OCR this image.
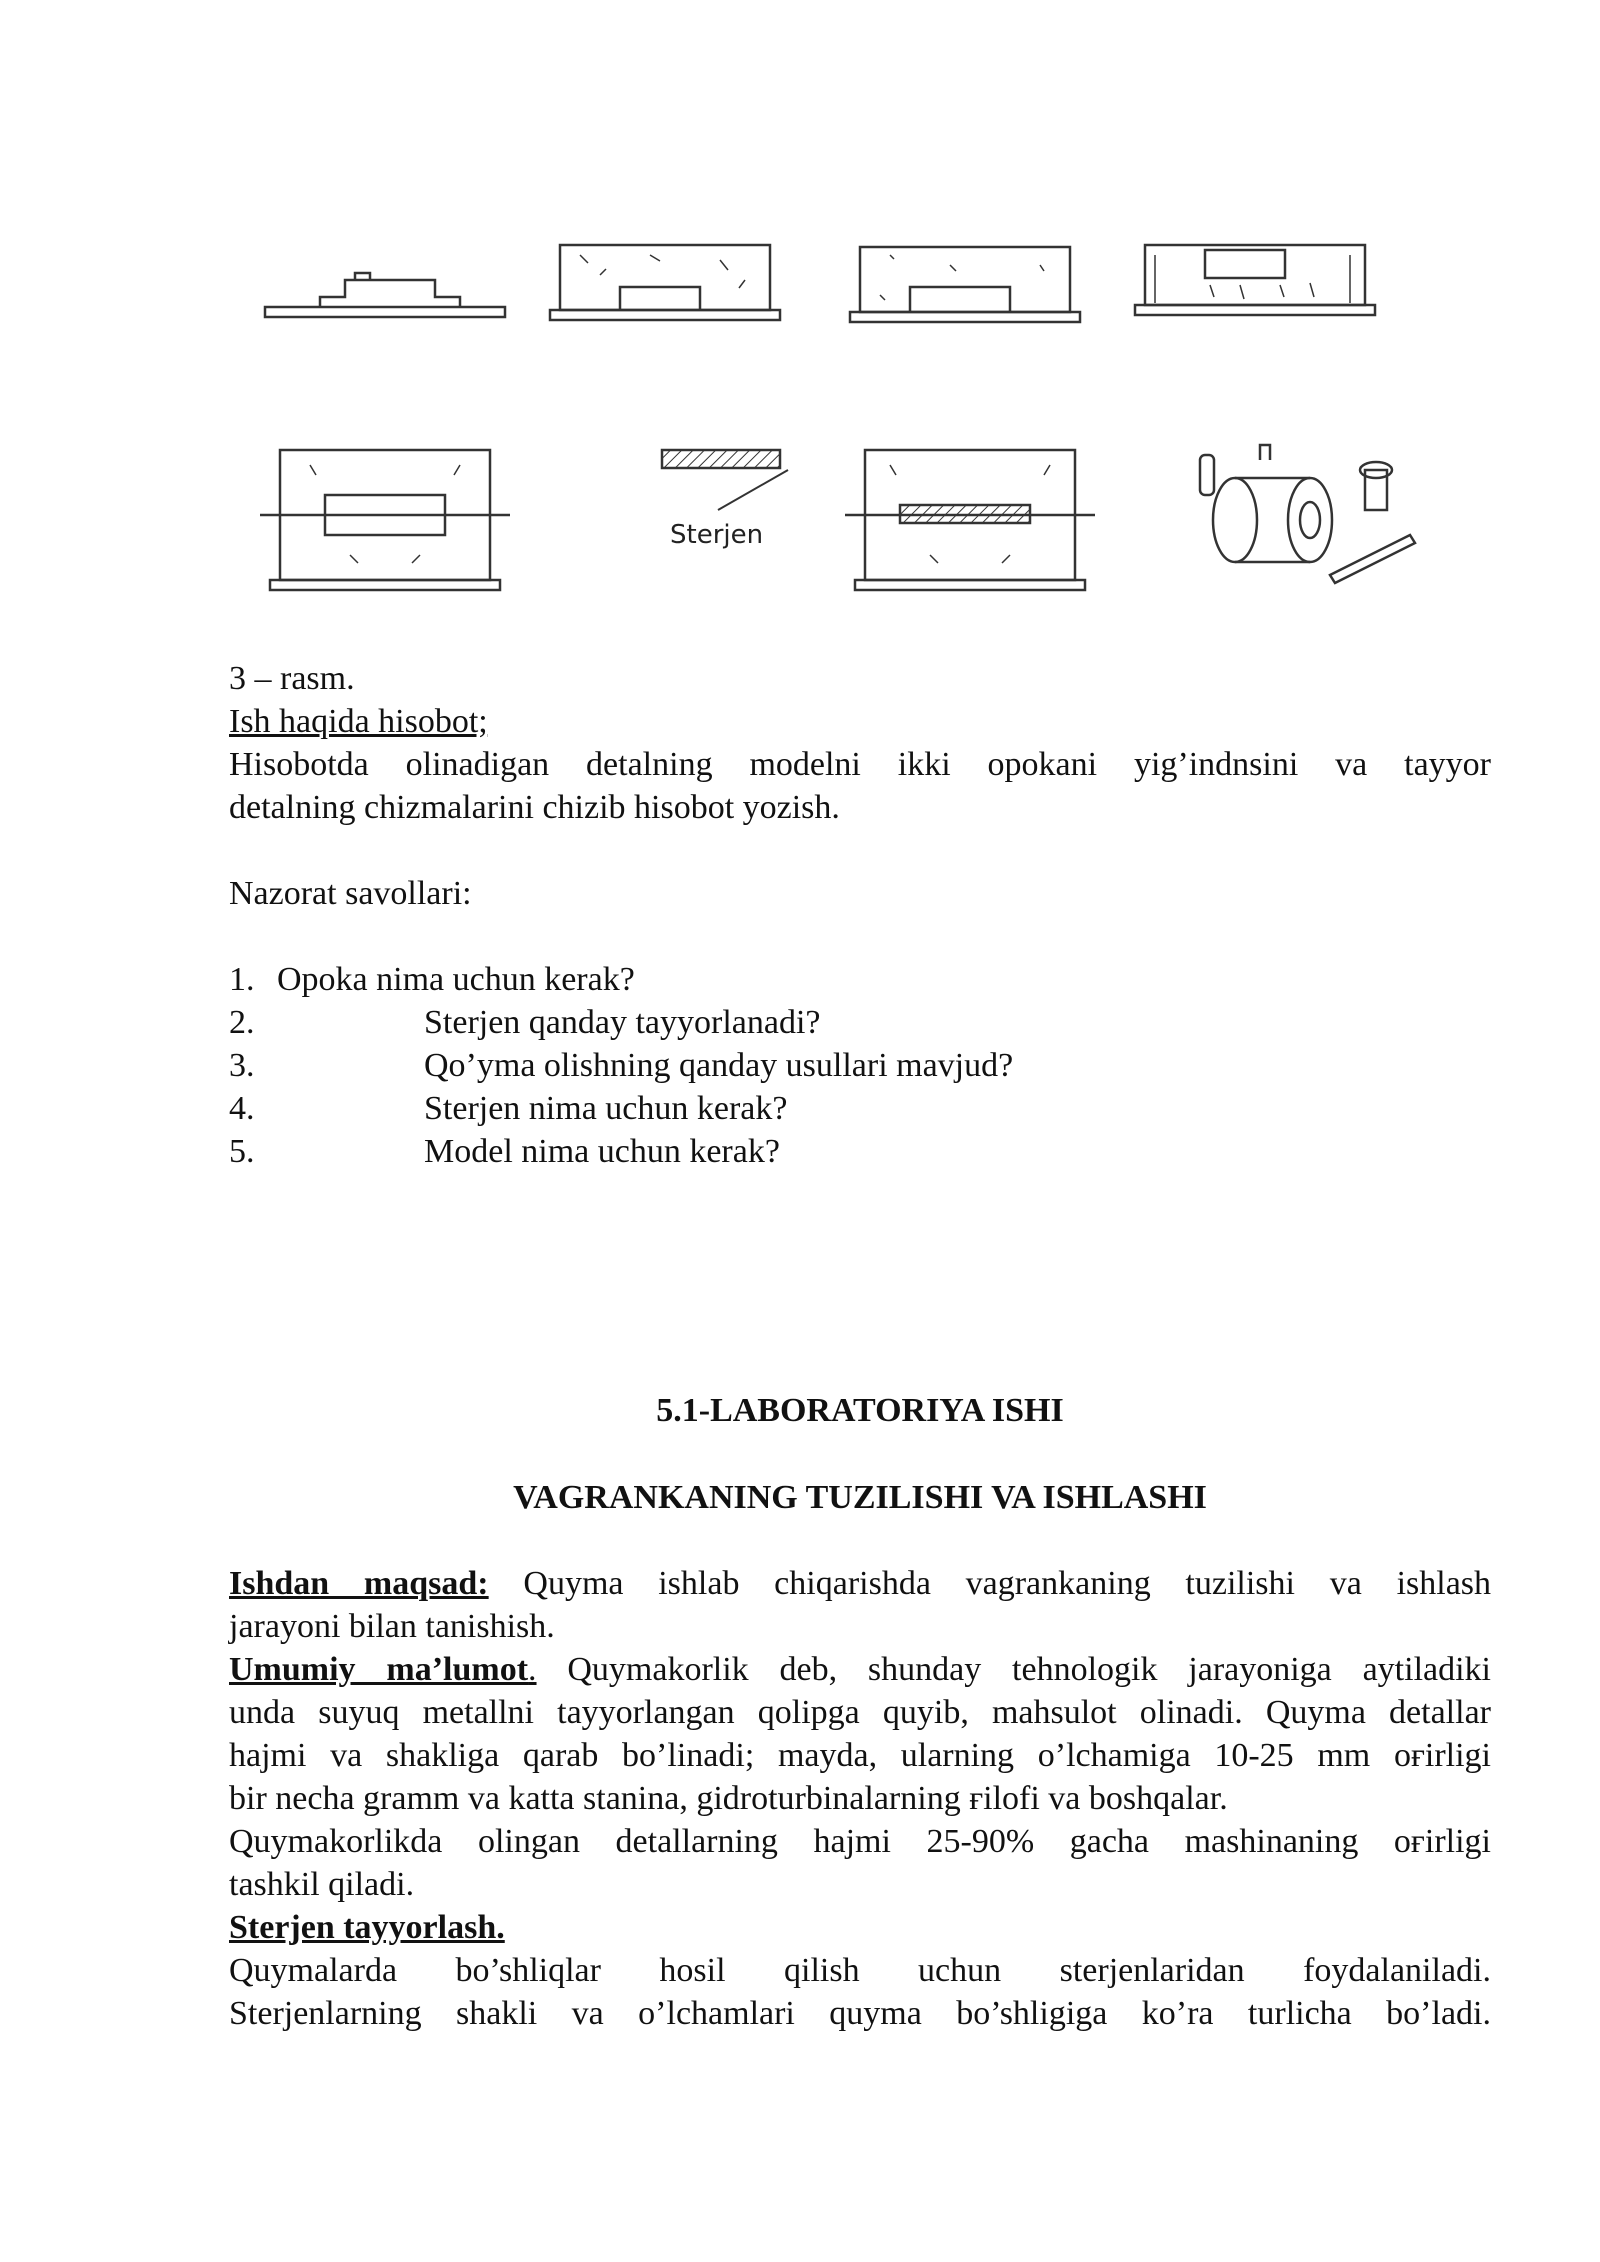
Sterjen
3 – rasm.
Ish haqida hisobot;
Hisobotda olinadigan detalning modelni ikki opokani yig’indnsini va tayyor
detalning chizmalarini chizib hisobot yozish.
Nazorat savollari:
1. Opoka nima uchun kerak?
2.	Sterjen qanday tayyorlanadi?
3.	Qo’yma olishning qanday usullari mavjud?
4.	Sterjen nima uchun kerak?
5.	Model nima uchun kerak?
5.1-LABORATORIYA ISHI
VAGRANKANING TUZILISHI VA ISHLASHI
Ishdan maqsad: Quyma ishlab chiqarishda vagrankaning tuzilishi va ishlash
jarayoni bilan tanishish.
Umumiy ma’lumot. Quymakorlik deb, shunday tehnologik jarayoniga aytiladiki
unda suyuq metallni tayyorlangan qolipga quyib, mahsulot olinadi. Quyma detallar
hajmi va shakliga qarab bo’linadi; mayda, ularning o’lchamiga 10-25 mm oғirligi
bir necha gramm va katta stanina, gidroturbinalarning ғilofi va boshqalar.
Quymakorlikda olingan detallarning hajmi 25-90% gacha mashinaning oғirligi
tashkil qiladi.
Sterjen tayyorlash.
Quymalarda bo’shliqlar hosil qilish uchun sterjenlaridan foydalaniladi.
Sterjenlarning shakli va o’lchamlari quyma bo’shligiga ko’ra turlicha bo’ladi.
